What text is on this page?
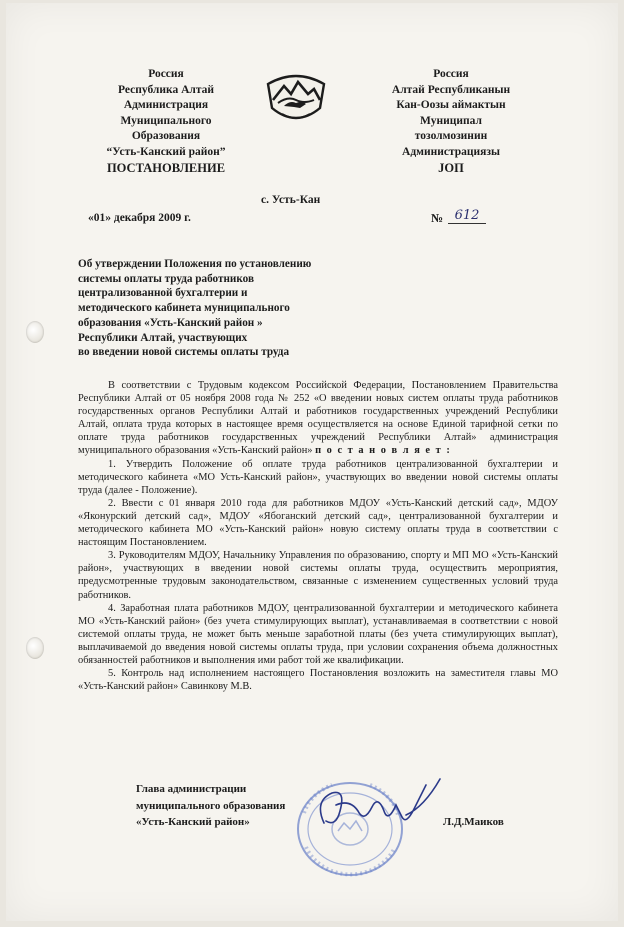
Россия
Республика Алтай
Администрация
Муниципального
Образования
“Усть-Канский район”
ПОСТАНОВЛЕНИЕ
Россия
Алтай Республиканын
Кан-Оозы аймактын
Муниципал
тозолмозинин
Администрациязы
ЈОП
с. Усть-Кан
«01» декабря 2009 г.	№ 612
Об утверждении Положения по установлению
системы оплаты труда работников
централизованной бухгалтерии и
методического кабинета муниципального
образования «Усть-Канский район »
Республики Алтай, участвующих
во введении новой системы оплаты труда

В соответствии с Трудовым кодексом Российской Федерации, Постановлением Правительства Республики Алтай от 05 ноября 2008 года № 252 «О введении новых систем оплаты труда работников государственных органов Республики Алтай и работников государственных учреждений Республики Алтай, оплата труда которых в настоящее время осуществляется на основе Единой тарифной сетки по оплате труда работников государственных учреждений Республики Алтай» администрация муниципального образования «Усть-Канский район» п о с т а н о в л я е т :

1. Утвердить Положение об оплате труда работников централизованной бухгалтерии и методического кабинета «МО Усть-Канский район», участвующих во введении новой системы оплаты труда (далее - Положение).

2. Ввести с 01 января 2010 года для работников МДОУ «Усть-Канский детский сад», МДОУ «Яконурский детский сад», МДОУ «Ябоганский детский сад», централизованной бухгалтерии и методического кабинета МО «Усть-Канский район» новую систему оплаты труда в соответствии с настоящим Постановлением.

3. Руководителям МДОУ, Начальнику Управления по образованию, спорту и МП МО «Усть-Канский район», участвующих в введении новой системы оплаты труда, осуществить мероприятия, предусмотренные трудовым законодательством, связанные с изменением существенных условий труда работников.

4. Заработная плата работников МДОУ, централизованной бухгалтерии и методического кабинета МО «Усть-Канский район» (без учета стимулирующих выплат), устанавливаемая в соответствии с новой системой оплаты труда, не может быть меньше заработной платы (без учета стимулирующих выплат), выплачиваемой до введения новой системы оплаты труда, при условии сохранения объема должностных обязанностей работников и выполнения ими работ той же квалификации.

5. Контроль над исполнением настоящего Постановления возложить на заместителя главы МО «Усть-Канский район» Савинкову М.В.

Глава администрации
муниципального образования
«Усть-Канский район»	Л.Д.Маиков
